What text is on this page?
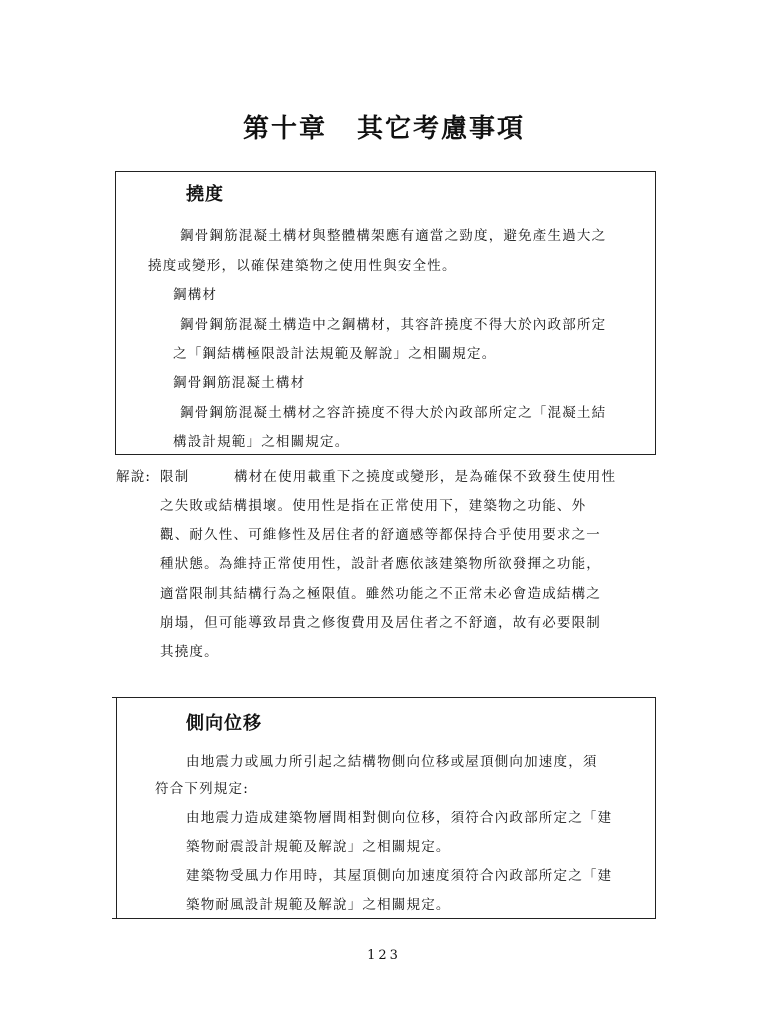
第十章 其它考慮事項
撓度
鋼骨鋼筋混凝土構材與整體構架應有適當之勁度，避免產生過大之
撓度或變形，以確保建築物之使用性與安全性。
鋼構材
鋼骨鋼筋混凝土構造中之鋼構材，其容許撓度不得大於內政部所定
之「鋼結構極限設計法規範及解說」之相關規定。
鋼骨鋼筋混凝土構材
鋼骨鋼筋混凝土構材之容許撓度不得大於內政部所定之「混凝土結
構設計規範」之相關規定。
解說: 限制	構材在使用載重下之撓度或變形，是為確保不致發生使用性
之失敗或結構損壞。使用性是指在正常使用下，建築物之功能、外
觀、耐久性、可維修性及居住者的舒適感等都保持合乎使用要求之一
種狀態。為維持正常使用性，設計者應依該建築物所欲發揮之功能，
適當限制其結構行為之極限值。雖然功能之不正常未必會造成結構之
崩塌，但可能導致昂貴之修復費用及居住者之不舒適，故有必要限制
其撓度。
側向位移
由地震力或風力所引起之結構物側向位移或屋頂側向加速度，須
符合下列規定:
由地震力造成建築物層間相對側向位移，須符合內政部所定之「建
築物耐震設計規範及解說」之相關規定。
建築物受風力作用時，其屋頂側向加速度須符合內政部所定之「建
築物耐風設計規範及解說」之相關規定。
123
